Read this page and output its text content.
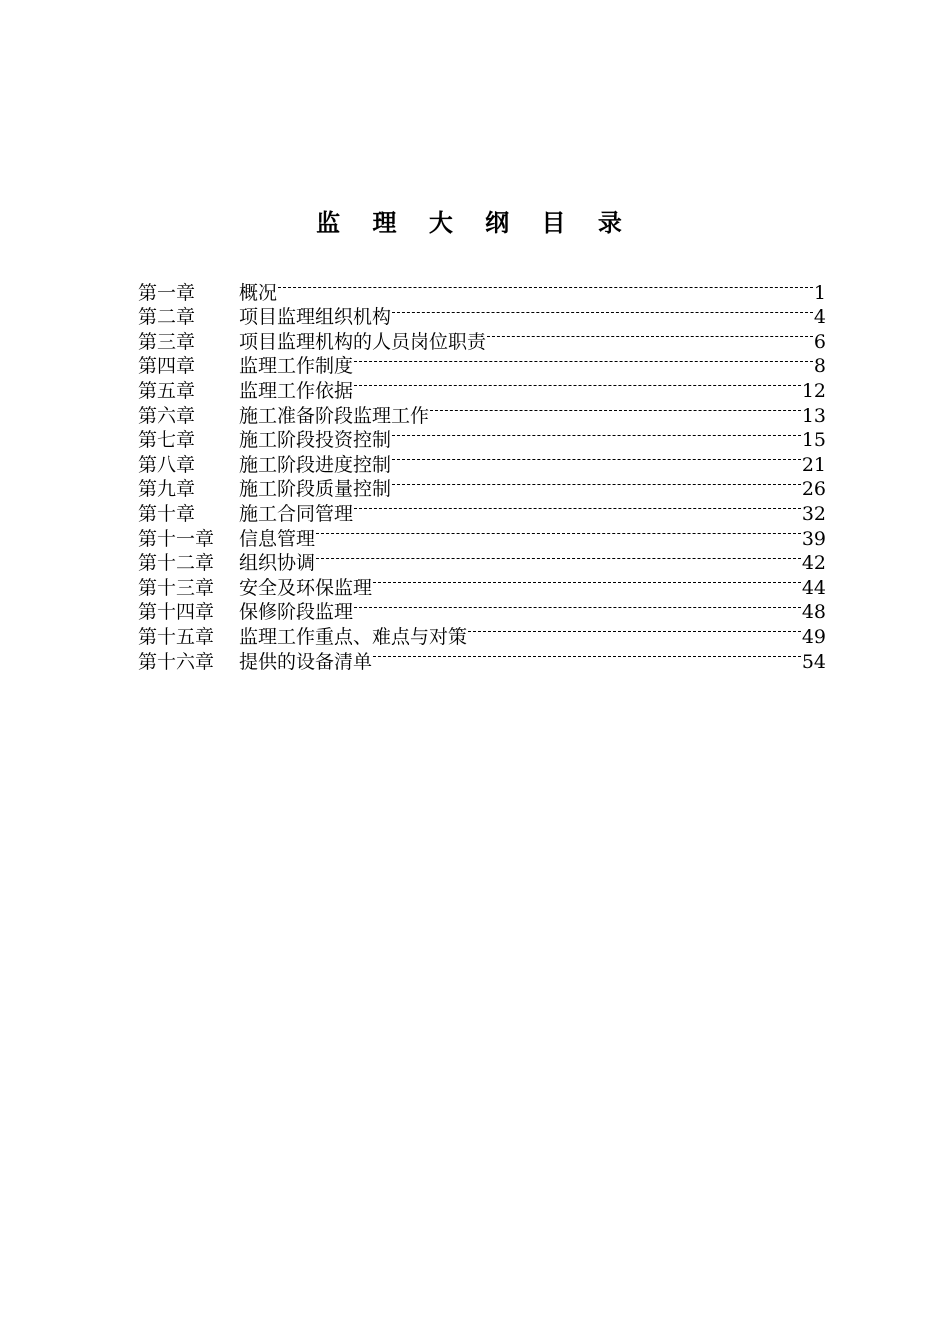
监 理 大 纲 目 录
第一章	概况	1
第二章	项目监理组织机构	4
第三章	项目监理机构的人员岗位职责	6
第四章	监理工作制度	8
第五章	监理工作依据	12
第六章	施工准备阶段监理工作	13
第七章	施工阶段投资控制	15
第八章	施工阶段进度控制	21
第九章	施工阶段质量控制	26
第十章	施工合同管理	32
第十一章	信息管理	39
第十二章	组织协调	42
第十三章	安全及环保监理	44
第十四章	保修阶段监理	48
第十五章	监理工作重点、难点与对策	49
第十六章	提供的设备清单	54
